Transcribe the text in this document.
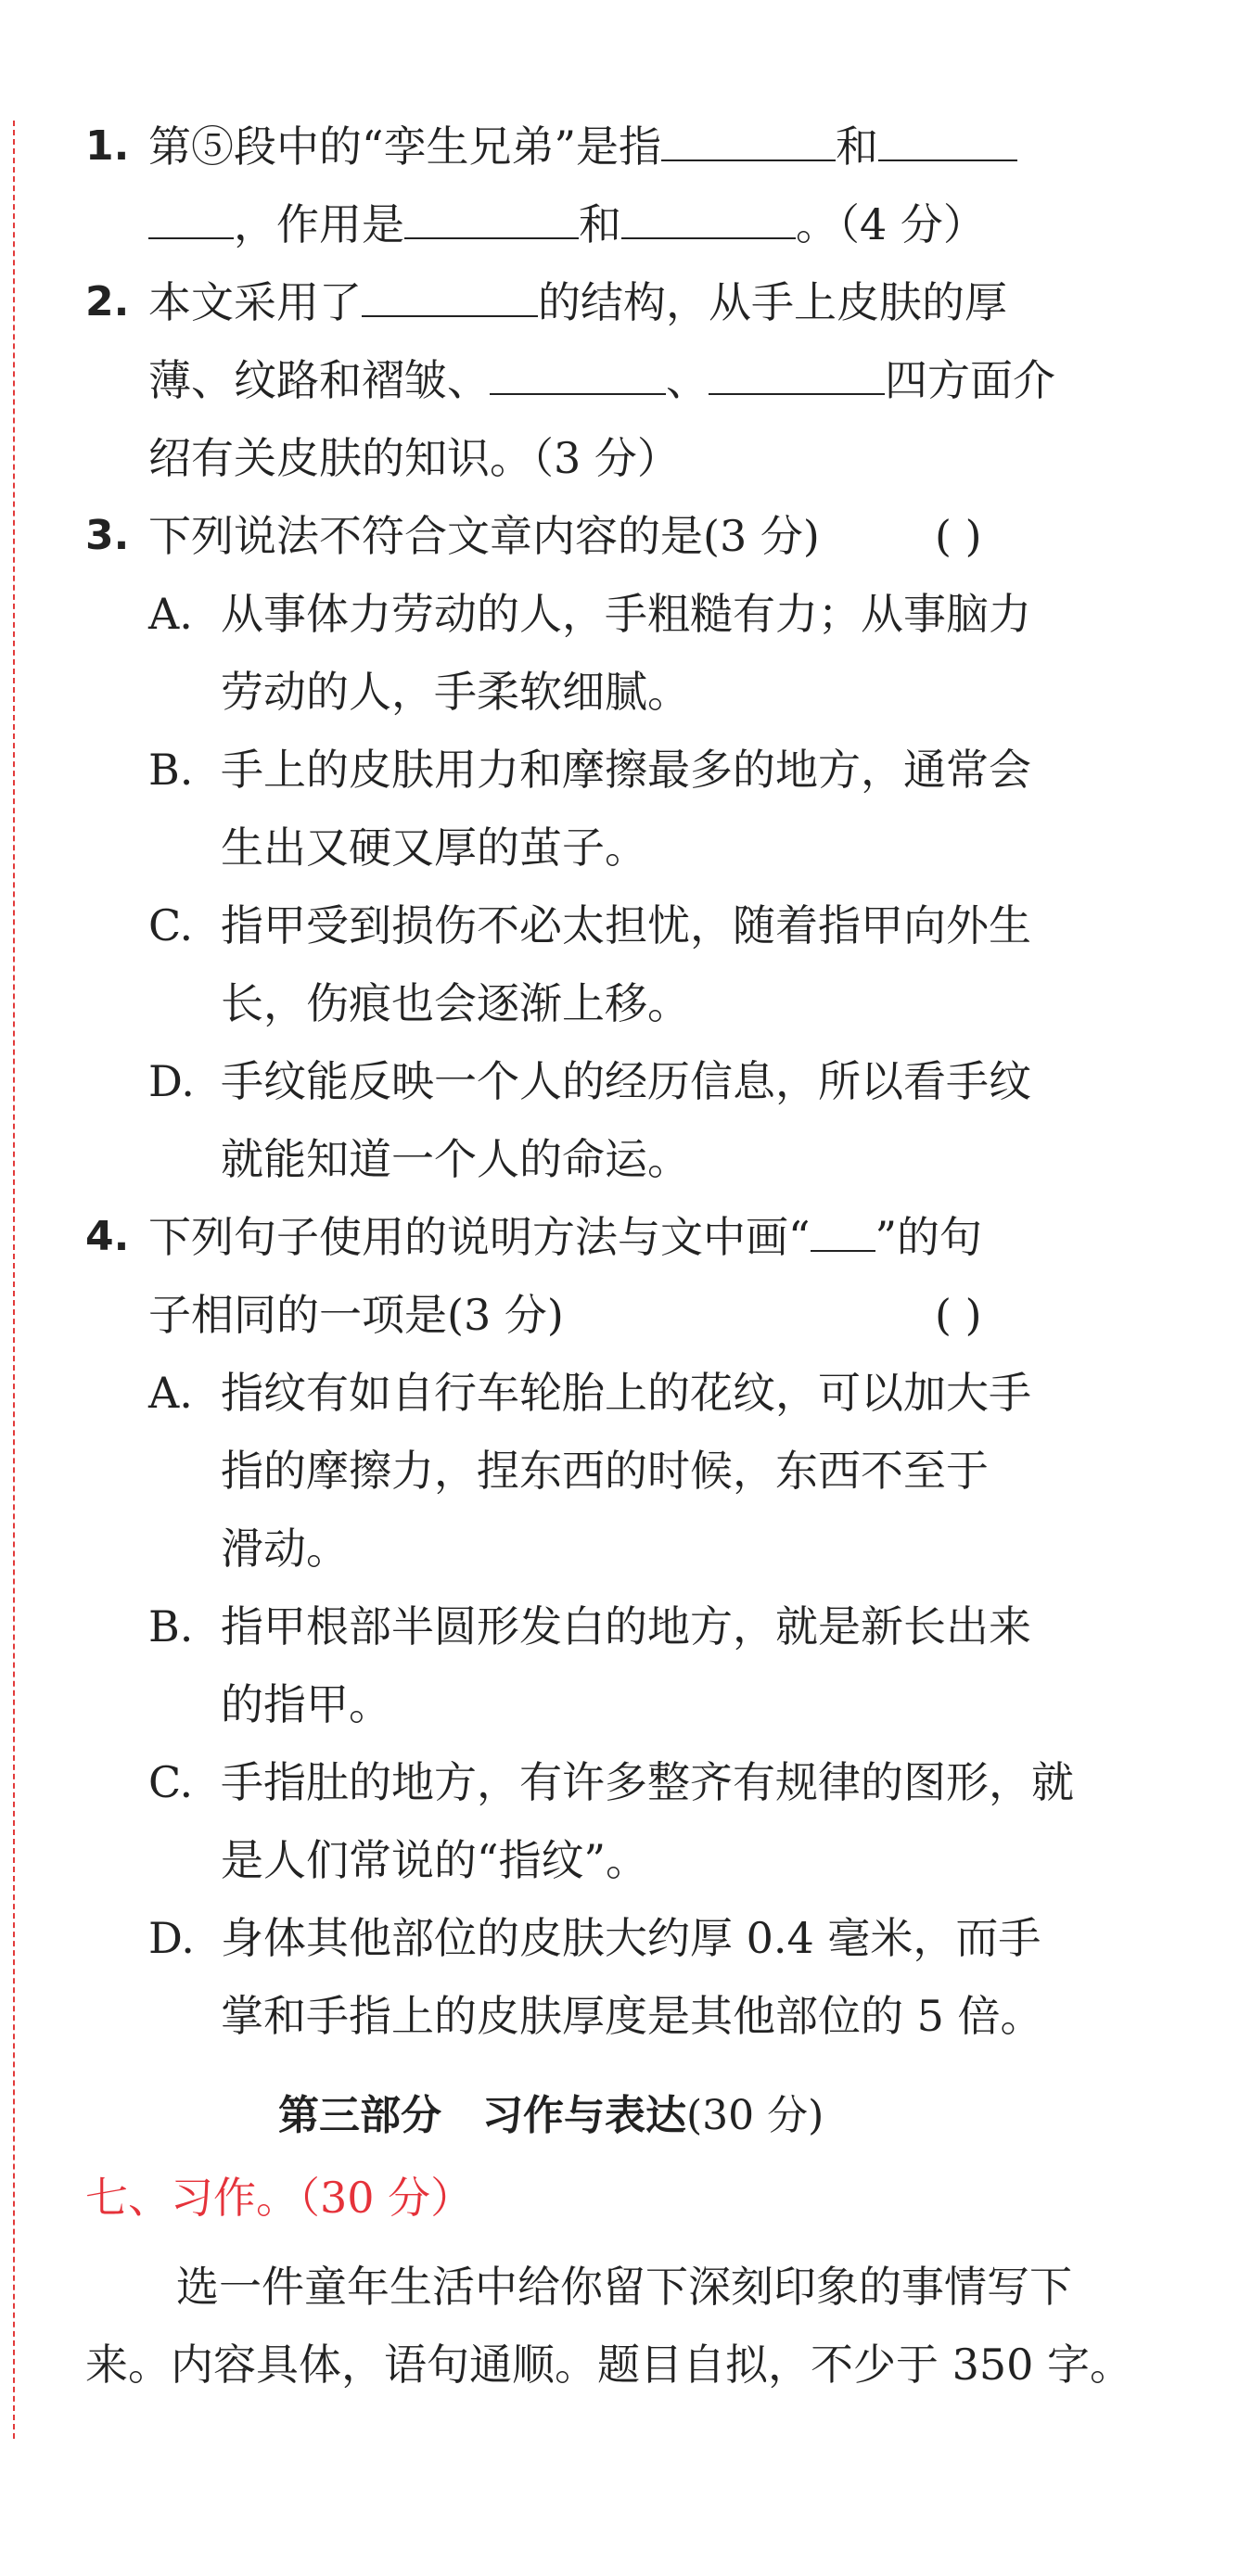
1. 第⑤段中的“孪生兄弟”是指	和
，作用是	和	。（4 分）
2. 本文采用了	的结构，从手上皮肤的厚
薄、纹路和褶皱、	、	四方面介
绍有关皮肤的知识。（3 分）
3. 下列说法不符合文章内容的是(3 分)	( )
A. 从事体力劳动的人，手粗糙有力；从事脑力
劳动的人，手柔软细腻。
B. 手上的皮肤用力和摩擦最多的地方，通常会
生出又硬又厚的茧子。
C. 指甲受到损伤不必太担忧，随着指甲向外生
长，伤痕也会逐渐上移。
D. 手纹能反映一个人的经历信息，所以看手纹
就能知道一个人的命运。
4. 下列句子使用的说明方法与文中画“ ”的句
子相同的一项是(3 分)	( )
A. 指纹有如自行车轮胎上的花纹，可以加大手
指的摩擦力，捏东西的时候，东西不至于
滑动。
B. 指甲根部半圆形发白的地方，就是新长出来
的指甲。
C. 手指肚的地方，有许多整齐有规律的图形，就
是人们常说的“指纹”。
D. 身体其他部位的皮肤大约厚 0.4 毫米，而手
掌和手指上的皮肤厚度是其他部位的 5 倍。
第三部分　习作与表达(30 分)
七、习作。（30 分）
选一件童年生活中给你留下深刻印象的事情写下
来。内容具体，语句通顺。题目自拟，不少于 350 字。
